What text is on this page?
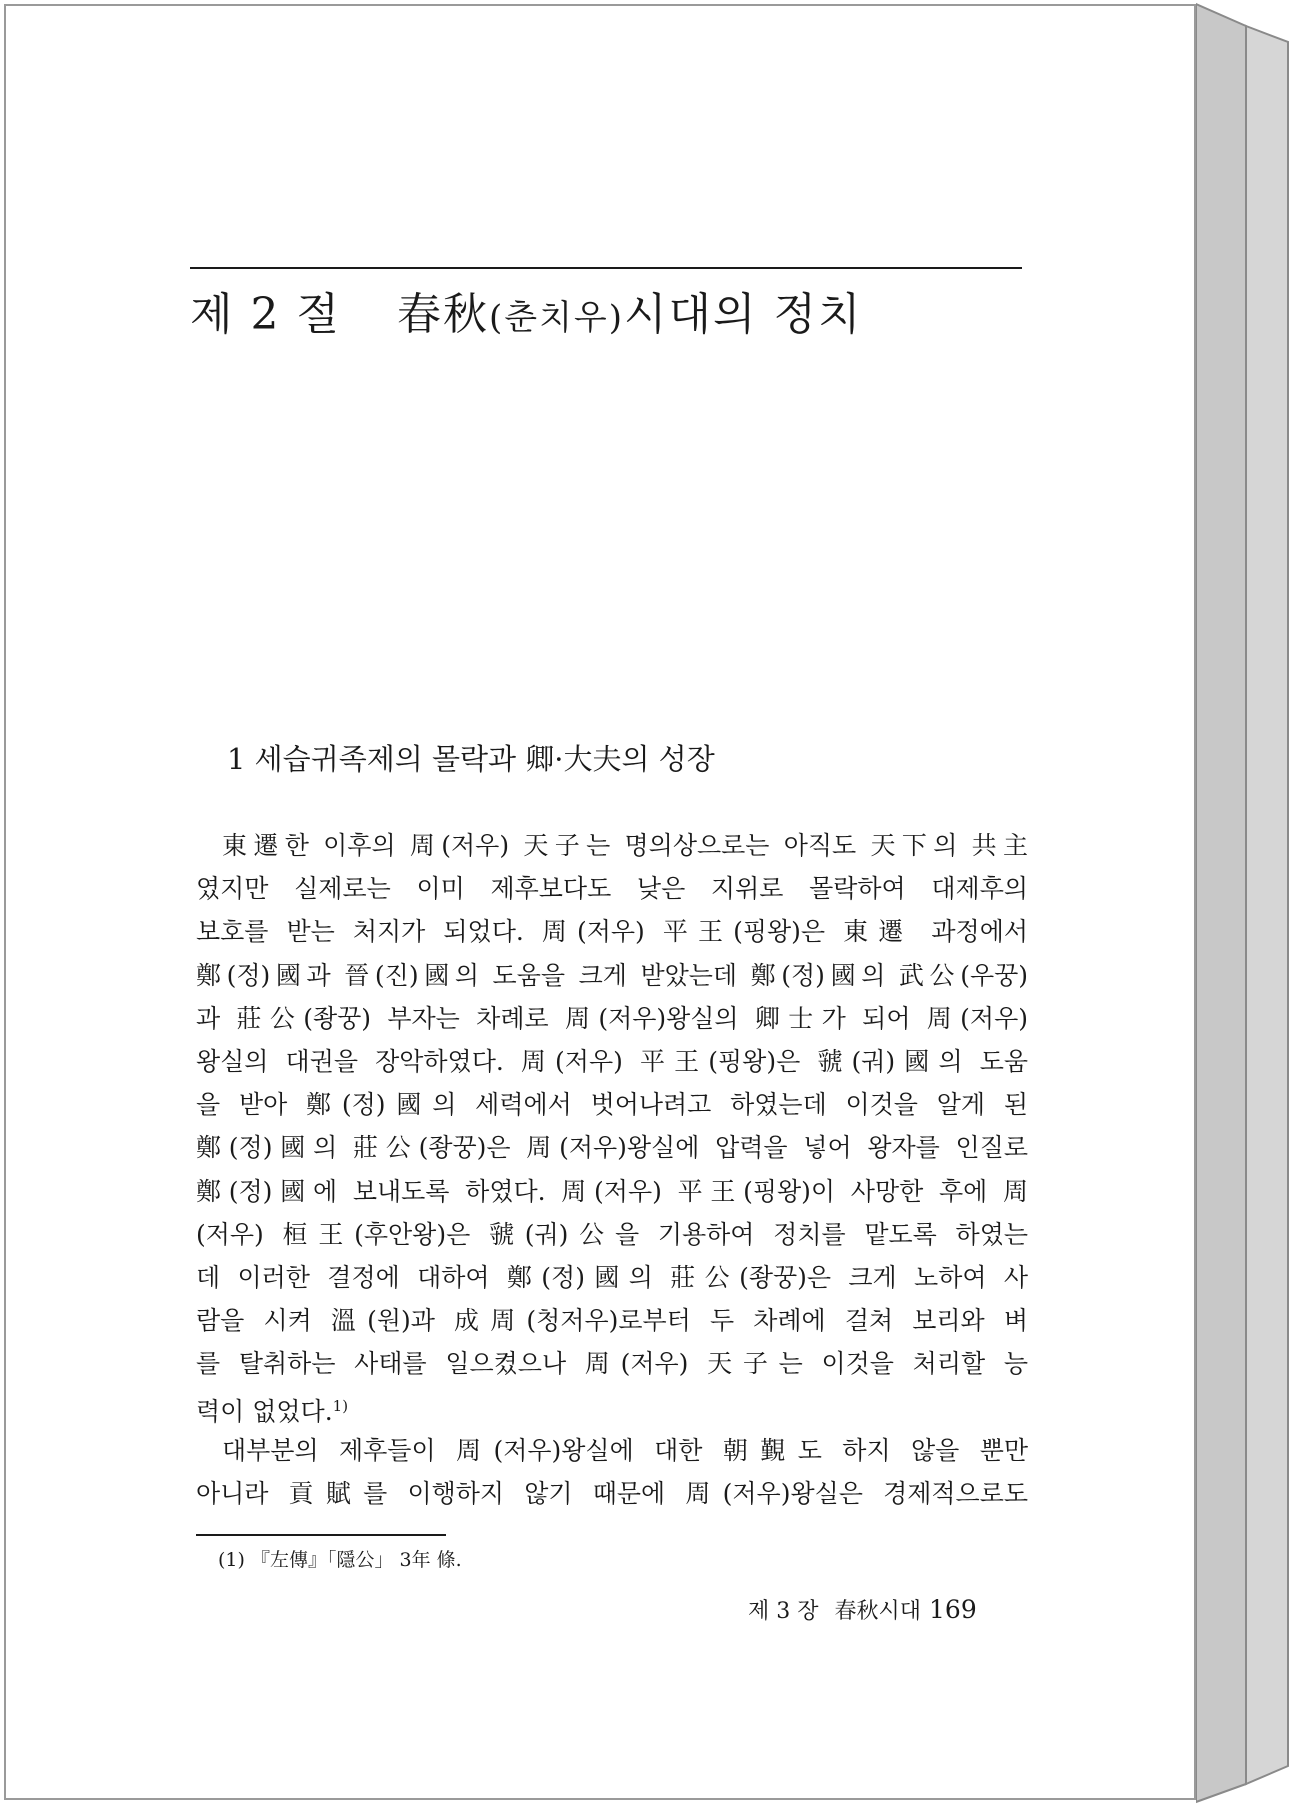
제 2 절 春秋(춘치우)시대의 정치
1 세습귀족제의 몰락과 卿·大夫의 성장
東遷한 이후의 周(저우) 天子는 명의상으로는 아직도 天下의 共主
였지만 실제로는 이미 제후보다도 낮은 지위로 몰락하여 대제후의
보호를 받는 처지가 되었다. 周(저우) 平王(핑왕)은 東遷 과정에서
鄭(정)國과 晉(진)國의 도움을 크게 받았는데 鄭(정)國의 武公(우꿍)
과 莊公(좡꿍) 부자는 차례로 周(저우)왕실의 卿士가 되어 周(저우)
왕실의 대권을 장악하였다. 周(저우) 平王(핑왕)은 虢(궈)國의 도움
을 받아 鄭(정)國의 세력에서 벗어나려고 하였는데 이것을 알게 된
鄭(정)國의 莊公(좡꿍)은 周(저우)왕실에 압력을 넣어 왕자를 인질로
鄭(정)國에 보내도록 하였다. 周(저우) 平王(핑왕)이 사망한 후에 周
(저우) 桓王(후안왕)은 虢(궈)公을 기용하여 정치를 맡도록 하였는
데 이러한 결정에 대하여 鄭(정)國의 莊公(좡꿍)은 크게 노하여 사
람을 시켜 溫(원)과 成周(청저우)로부터 두 차례에 걸쳐 보리와 벼
를 탈취하는 사태를 일으켰으나 周(저우) 天子는 이것을 처리할 능
력이 없었다.$^{1)}$
대부분의 제후들이 周(저우)왕실에 대한 朝覲도 하지 않을 뿐만
아니라 貢賦를 이행하지 않기 때문에 周(저우)왕실은 경제적으로도
(1) 『左傳』「隱公」 3年 條.
제 3 장 春秋시대 169
